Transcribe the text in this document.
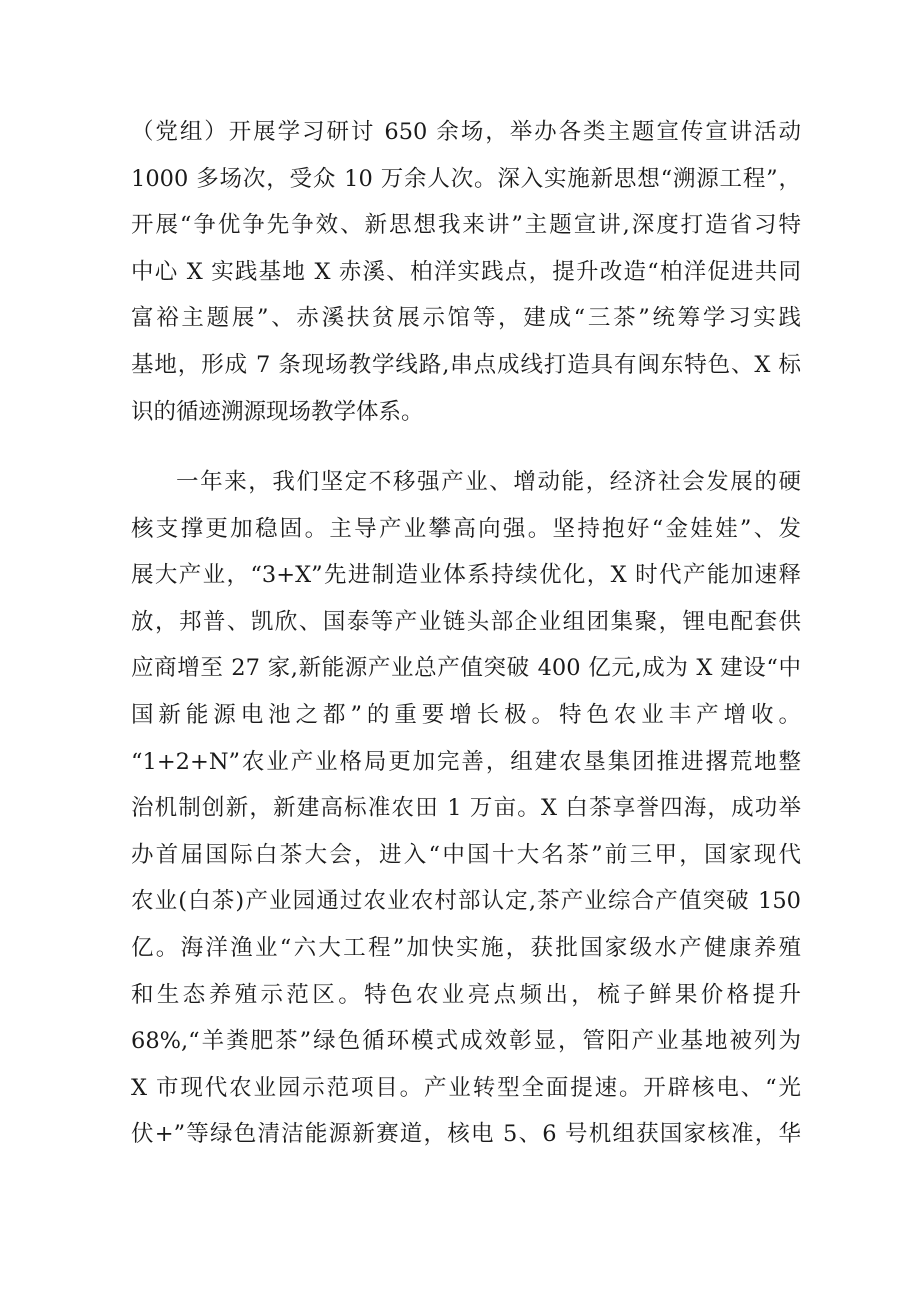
（党组）开展学习研讨 650 余场，举办各类主题宣传宣讲活动
1000 多场次，受众 10 万余人次。深入实施新思想“溯源工程”，
开展“争优争先争效、新思想我来讲”主题宣讲,深度打造省习特
中心 X 实践基地 X 赤溪、柏洋实践点，提升改造“柏洋促进共同
富裕主题展”、赤溪扶贫展示馆等，建成“三茶”统筹学习实践
基地，形成 7 条现场教学线路,串点成线打造具有闽东特色、X 标
识的循迹溯源现场教学体系。
一年来，我们坚定不移强产业、增动能，经济社会发展的硬
核支撑更加稳固。主导产业攀高向强。坚持抱好“金娃娃”、发
展大产业，“3+X”先进制造业体系持续优化，X 时代产能加速释
放，邦普、凯欣、国泰等产业链头部企业组团集聚，锂电配套供
应商增至 27 家,新能源产业总产值突破 400 亿元,成为 X 建设“中
国新能源电池之都”的重要增长极。特色农业丰产增收。
“1+2+N”农业产业格局更加完善，组建农垦集团推进撂荒地整
治机制创新，新建高标准农田 1 万亩。X 白茶享誉四海，成功举
办首届国际白茶大会，进入“中国十大名茶”前三甲，国家现代
农业(白茶)产业园通过农业农村部认定,茶产业综合产值突破 150
亿。海洋渔业“六大工程”加快实施，获批国家级水产健康养殖
和生态养殖示范区。特色农业亮点频出，梳子鲜果价格提升
68%,“羊粪肥茶”绿色循环模式成效彰显，管阳产业基地被列为
X 市现代农业园示范项目。产业转型全面提速。开辟核电、“光
伏+”等绿色清洁能源新赛道，核电 5、6 号机组获国家核准，华
